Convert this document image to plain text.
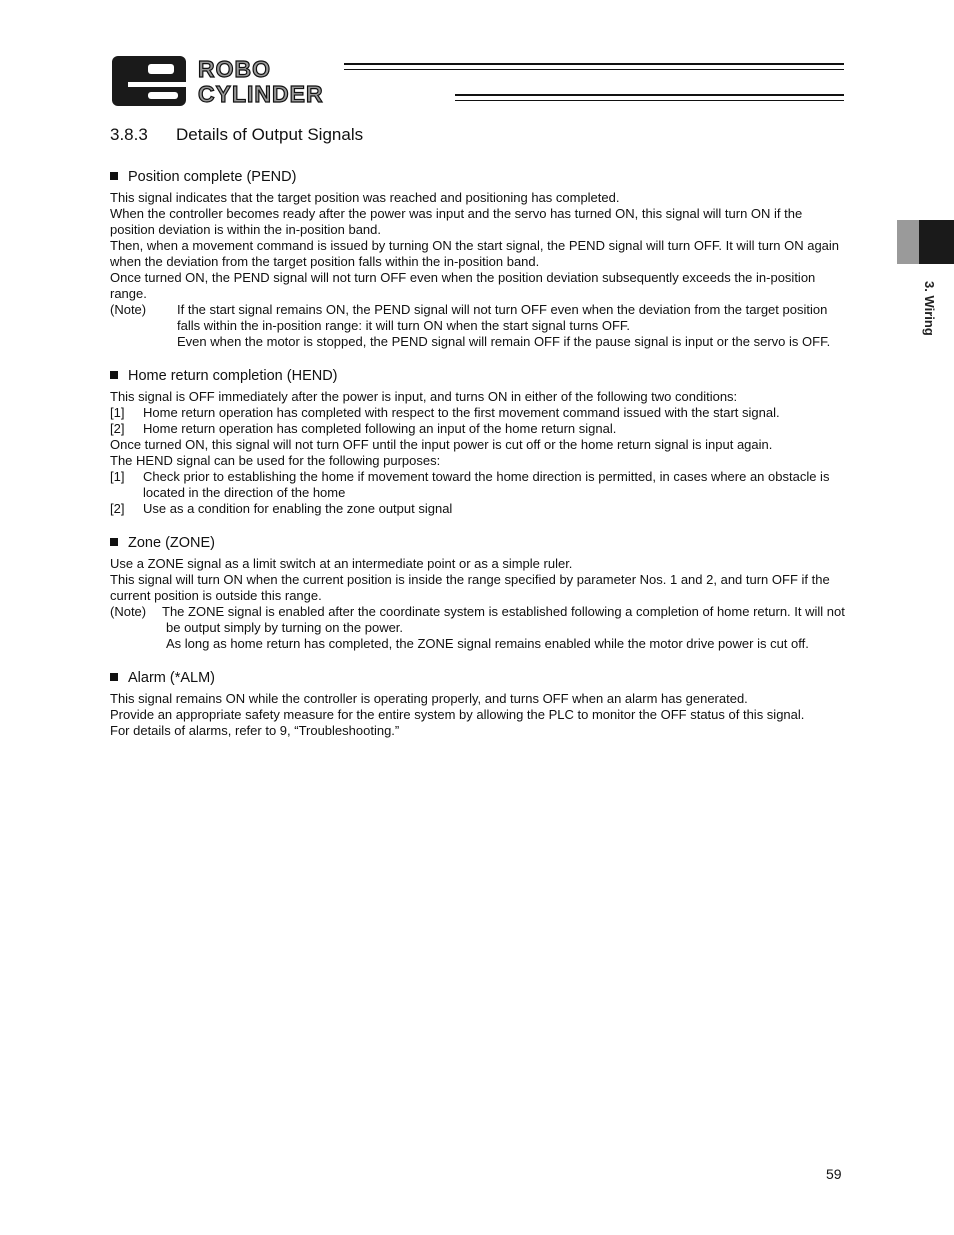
ROBO
CYLINDER
3. Wiring
3.8.3 Details of Output Signals
Position complete (PEND)

This signal indicates that the target position was reached and positioning has completed.

When the controller becomes ready after the power was input and the servo has turned ON, this signal will turn ON if the position deviation is within the in-position band.

Then, when a movement command is issued by turning ON the start signal, the PEND signal will turn OFF. It will turn ON again when the deviation from the target position falls within the in-position band.

Once turned ON, the PEND signal will not turn OFF even when the position deviation subsequently exceeds the in-position range.

(Note)	If the start signal remains ON, the PEND signal will not turn OFF even when the deviation from the target position falls within the in-position range: it will turn ON when the start signal turns OFF.

Even when the motor is stopped, the PEND signal will remain OFF if the pause signal is input or the servo is OFF.

Home return completion (HEND)

This signal is OFF immediately after the power is input, and turns ON in either of the following two conditions:

[1]	Home return operation has completed with respect to the first movement command issued with the start signal.
[2]	Home return operation has completed following an input of the home return signal.

Once turned ON, this signal will not turn OFF until the input power is cut off or the home return signal is input again.

The HEND signal can be used for the following purposes:

[1]	Check prior to establishing the home if movement toward the home direction is permitted, in cases where an obstacle is located in the direction of the home
[2]	Use as a condition for enabling the zone output signal
Zone (ZONE)

Use a ZONE signal as a limit switch at an intermediate point or as a simple ruler.

This signal will turn ON when the current position is inside the range specified by parameter Nos. 1 and 2, and turn OFF if the current position is outside this range.

(Note)	The ZONE signal is enabled after the coordinate system is established following a completion of home return. It will not be output simply by turning on the power.

As long as home return has completed, the ZONE signal remains enabled while the motor drive power is cut off.

Alarm (*ALM)

This signal remains ON while the controller is operating properly, and turns OFF when an alarm has generated.

Provide an appropriate safety measure for the entire system by allowing the PLC to monitor the OFF status of this signal.

For details of alarms, refer to 9, “Troubleshooting.”

59
